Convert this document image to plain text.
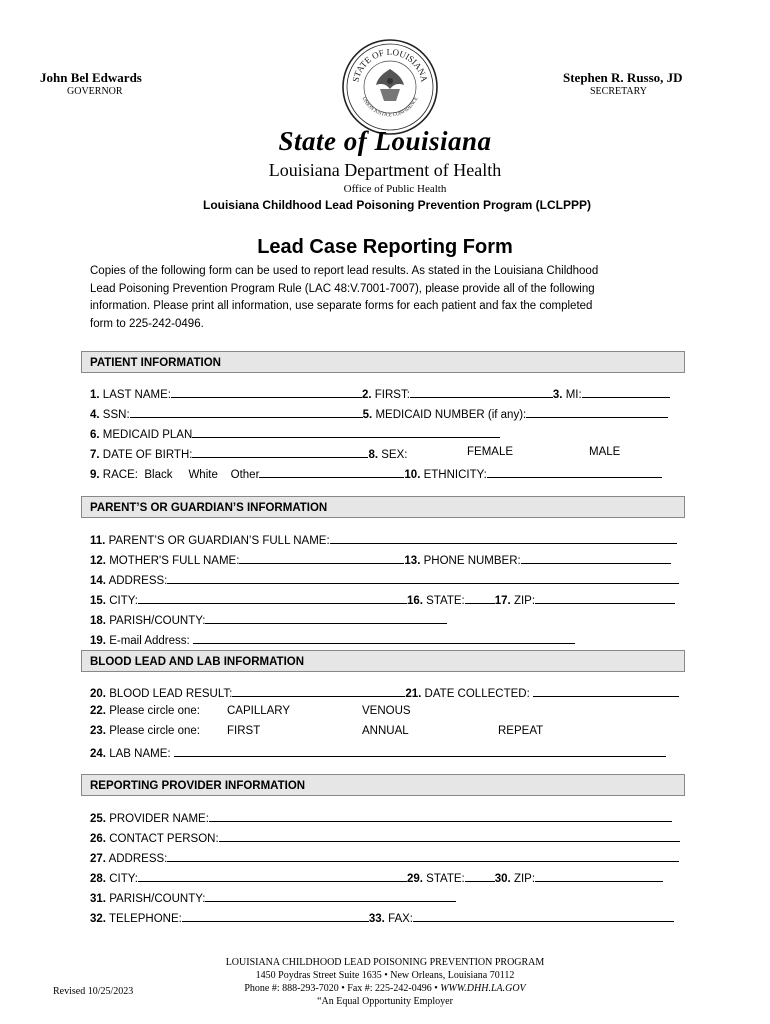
John Bel Edwards
GOVERNOR
STATE OF LOUISIANA
UNION JUSTICE CONFIDENCE
Stephen R. Russo, JD
SECRETARY
State of Louisiana
Louisiana Department of Health
Office of Public Health
Louisiana Childhood Lead Poisoning Prevention Program (LCLPPP)
Lead Case Reporting Form
Copies of the following form can be used to report lead results. As stated in the Louisiana Childhood
Lead Poisoning Prevention Program Rule (LAC 48:V.7001-7007), please provide all of the following
information. Please print all information, use separate forms for each patient and fax the completed
form to 225-242-0496.
PATIENT INFORMATION
1. LAST NAME:	2. FIRST:	3. MI:
4. SSN:	5. MEDICAID NUMBER (if any):
6. MEDICAID PLAN
7. DATE OF BIRTH:	8. SEX:	FEMALE	MALE
9. RACE: Black White Other	10. ETHNICITY:
PARENT’S OR GUARDIAN’S INFORMATION
11. PARENT’S OR GUARDIAN’S FULL NAME:
12. MOTHER'S FULL NAME:	13. PHONE NUMBER:
14. ADDRESS:
15. CITY:	16. STATE:	17. ZIP:
18. PARISH/COUNTY:
19. E-mail Address:
BLOOD LEAD AND LAB INFORMATION
20. BLOOD LEAD RESULT:	21. DATE COLLECTED:
22. Please circle one: CAPILLARY	VENOUS
23. Please circle one: FIRST	ANNUAL	REPEAT
24. LAB NAME:
REPORTING PROVIDER INFORMATION
25. PROVIDER NAME:
26. CONTACT PERSON:
27. ADDRESS:
28. CITY:	29. STATE:	30. ZIP:
31. PARISH/COUNTY:
32. TELEPHONE:	33. FAX:
Revised 10/25/2023
LOUISIANA CHILDHOOD LEAD POISONING PREVENTION PROGRAM
1450 Poydras Street Suite 1635 • New Orleans, Louisiana 70112
Phone #: 888-293-7020 • Fax #: 225-242-0496 • WWW.DHH.LA.GOV
“An Equal Opportunity Employer
